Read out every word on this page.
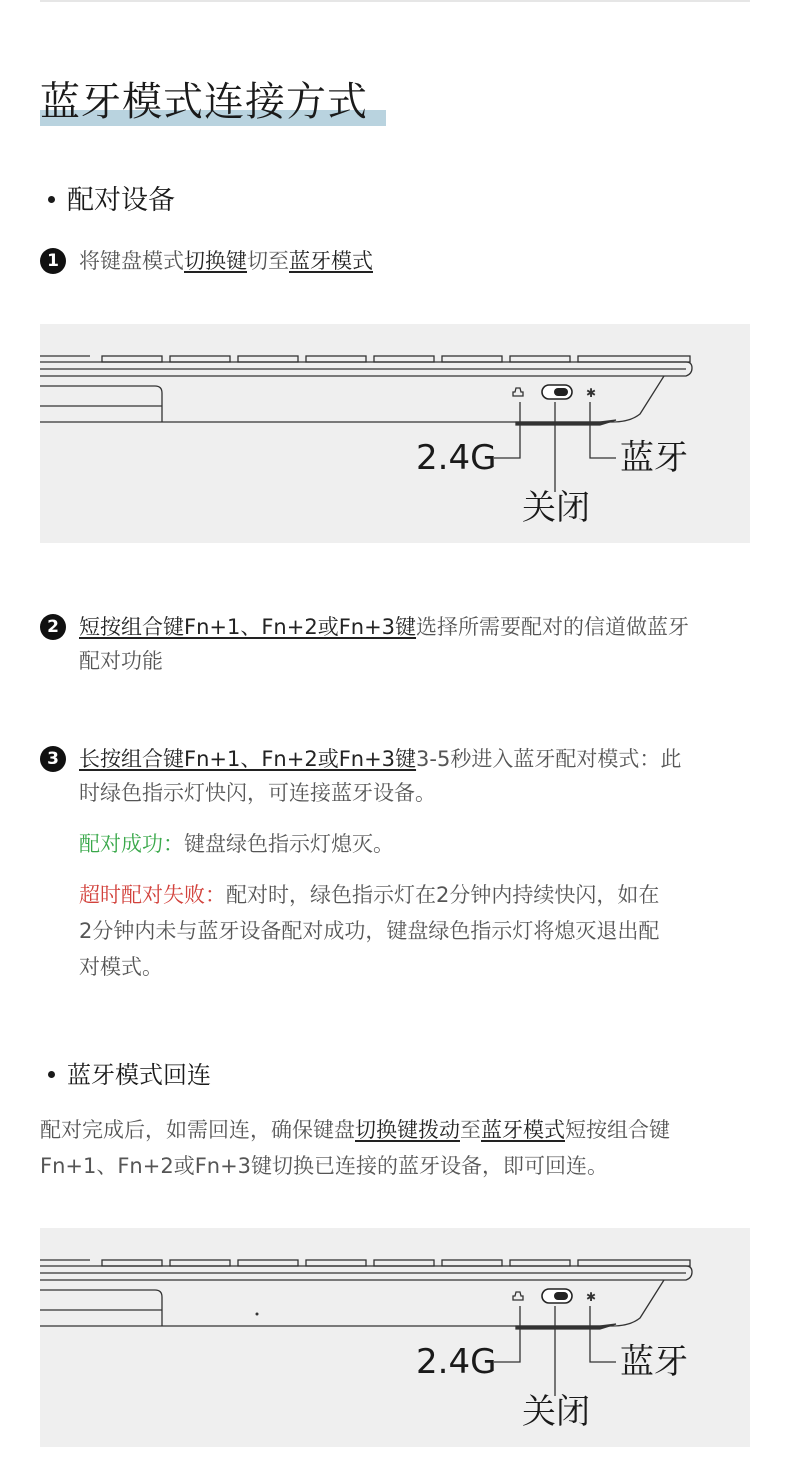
蓝牙模式连接方式
配对设备
1 将键盘模式切换键切至蓝牙模式
✱
2.4G	蓝牙
关闭
2 短按组合键Fn+1、Fn+2或Fn+3键选择所需要配对的信道做蓝牙
配对功能
3 长按组合键Fn+1、Fn+2或Fn+3键3-5秒进入蓝牙配对模式：此
时绿色指示灯快闪，可连接蓝牙设备。
配对成功：键盘绿色指示灯熄灭。
超时配对失败：配对时，绿色指示灯在2分钟内持续快闪，如在
2分钟内未与蓝牙设备配对成功，键盘绿色指示灯将熄灭退出配
对模式。
蓝牙模式回连
配对完成后，如需回连，确保键盘切换键拨动至蓝牙模式短按组合键
Fn+1、Fn+2或Fn+3键切换已连接的蓝牙设备，即可回连。
✱
2.4G	蓝牙
关闭
